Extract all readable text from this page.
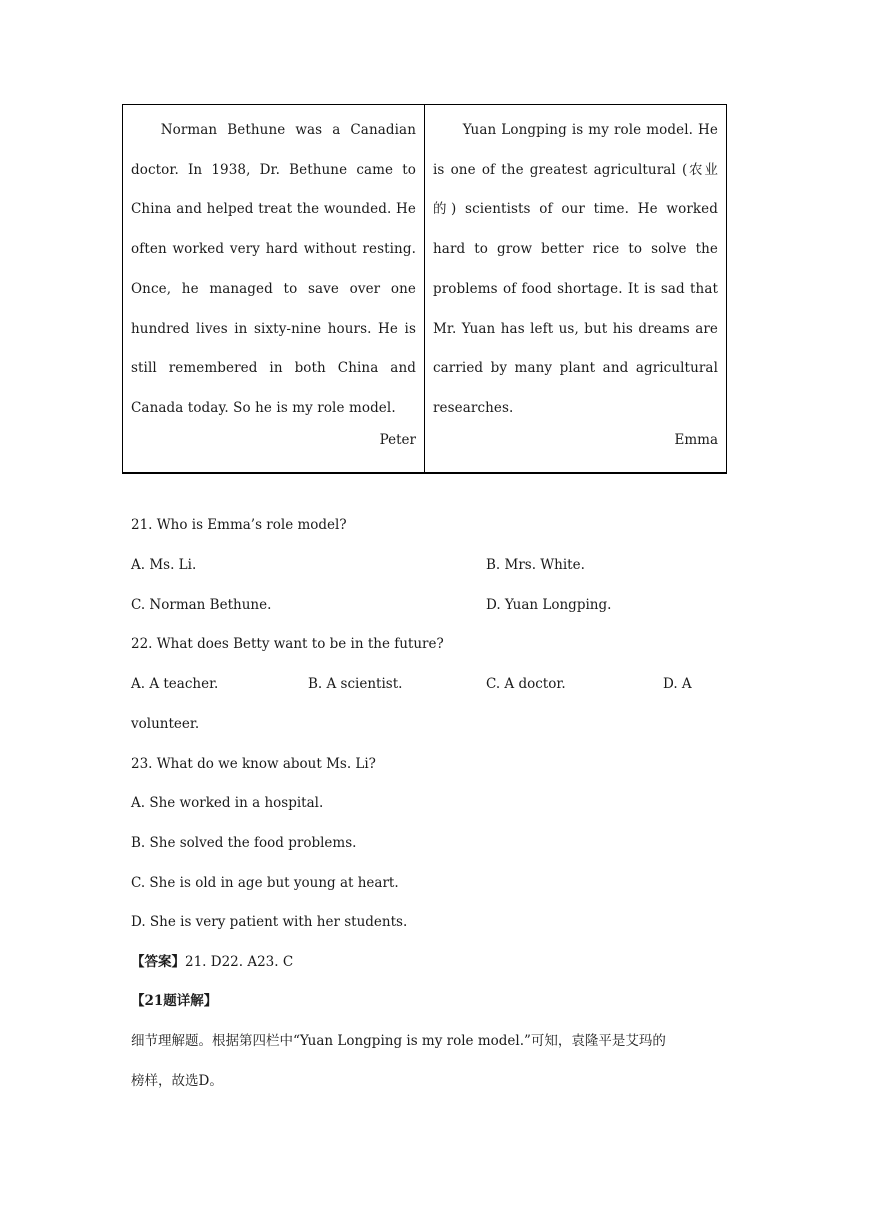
Norman Bethune was a Canadian doctor. In 1938, Dr. Bethune came to China and helped treat the wounded. He often worked very hard without resting. Once, he managed to save over one hundred lives in sixty-nine hours. He is still remembered in both China and Canada today. So he is my role model.

Peter

Yuan Longping is my role model. He is one of the greatest agricultural (农业的) scientists of our time. He worked hard to grow better rice to solve the problems of food shortage. It is sad that Mr. Yuan has left us, but his dreams are carried by many plant and agricultural researches.

Emma
21. Who is Emma’s role model?
A. Ms. Li.	B. Mrs. White.
C. Norman Bethune.	D. Yuan Longping.
22. What does Betty want to be in the future?
A. A teacher.	B. A scientist.	C. A doctor.	D. A
volunteer.
23. What do we know about Ms. Li?
A. She worked in a hospital.
B. She solved the food problems.
C. She is old in age but young at heart.
D. She is very patient with her students.
【答案】21. D22. A23. C
【21题详解】
细节理解题。根据第四栏中“Yuan Longping is my role model.”可知，袁隆平是艾玛的
榜样，故选D。
